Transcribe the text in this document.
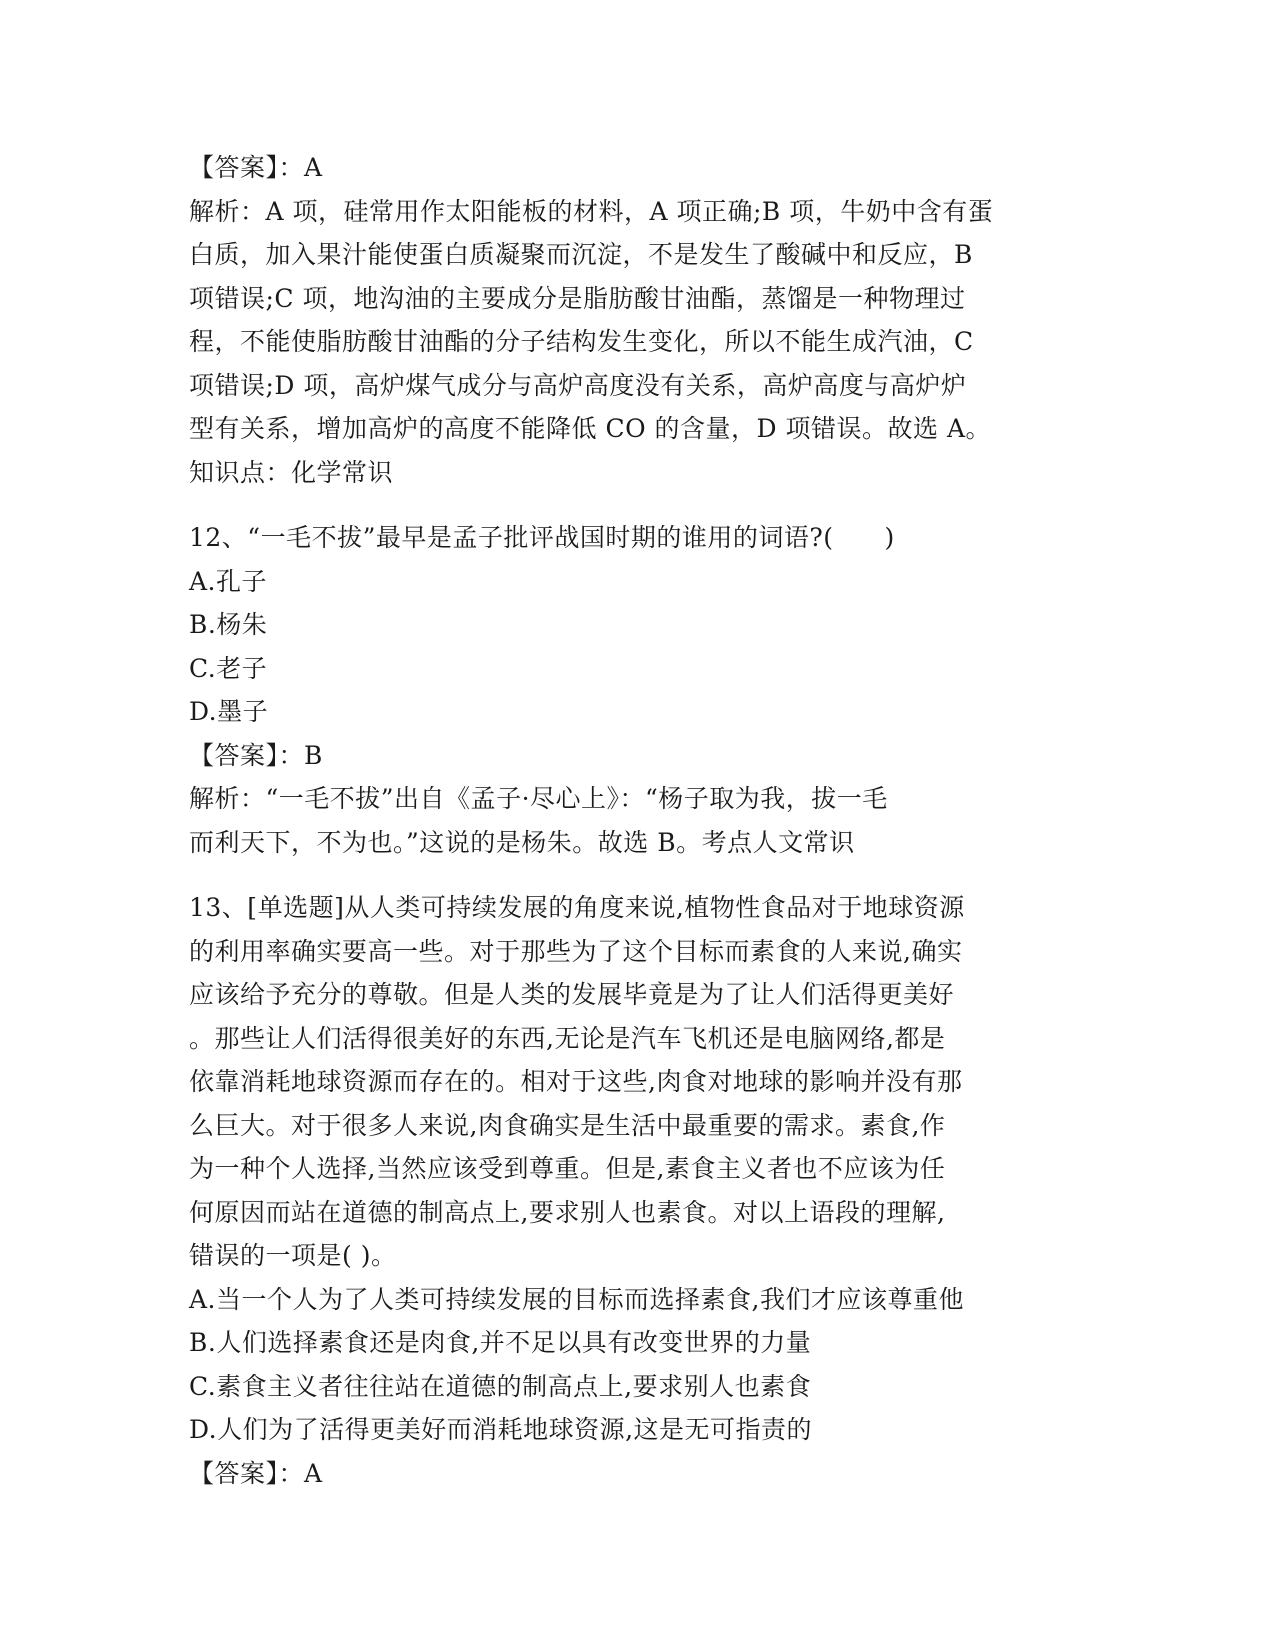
【答案】：A
解析：A 项，硅常用作太阳能板的材料，A 项正确;B 项，牛奶中含有蛋
白质，加入果汁能使蛋白质凝聚而沉淀，不是发生了酸碱中和反应，B
项错误;C 项，地沟油的主要成分是脂肪酸甘油酯，蒸馏是一种物理过
程，不能使脂肪酸甘油酯的分子结构发生变化，所以不能生成汽油，C
项错误;D 项，高炉煤气成分与高炉高度没有关系，高炉高度与高炉炉
型有关系，增加高炉的高度不能降低 CO 的含量，D 项错误。故选 A。
知识点：化学常识
12、“一毛不拔”最早是孟子批评战国时期的谁用的词语?(　　)
A.孔子
B.杨朱
C.老子
D.墨子
【答案】：B
解析：“一毛不拔”出自《孟子·尽心上》：“杨子取为我，拔一毛
而利天下，不为也。”这说的是杨朱。故选 B。考点人文常识
13、[单选题]从人类可持续发展的角度来说,植物性食品对于地球资源
的利用率确实要高一些。对于那些为了这个目标而素食的人来说,确实
应该给予充分的尊敬。但是人类的发展毕竟是为了让人们活得更美好
。那些让人们活得很美好的东西,无论是汽车飞机还是电脑网络,都是
依靠消耗地球资源而存在的。相对于这些,肉食对地球的影响并没有那
么巨大。对于很多人来说,肉食确实是生活中最重要的需求。素食,作
为一种个人选择,当然应该受到尊重。但是,素食主义者也不应该为任
何原因而站在道德的制高点上,要求别人也素食。对以上语段的理解,
错误的一项是( )。
A.当一个人为了人类可持续发展的目标而选择素食,我们才应该尊重他
B.人们选择素食还是肉食,并不足以具有改变世界的力量
C.素食主义者往往站在道德的制高点上,要求别人也素食
D.人们为了活得更美好而消耗地球资源,这是无可指责的
【答案】：A
